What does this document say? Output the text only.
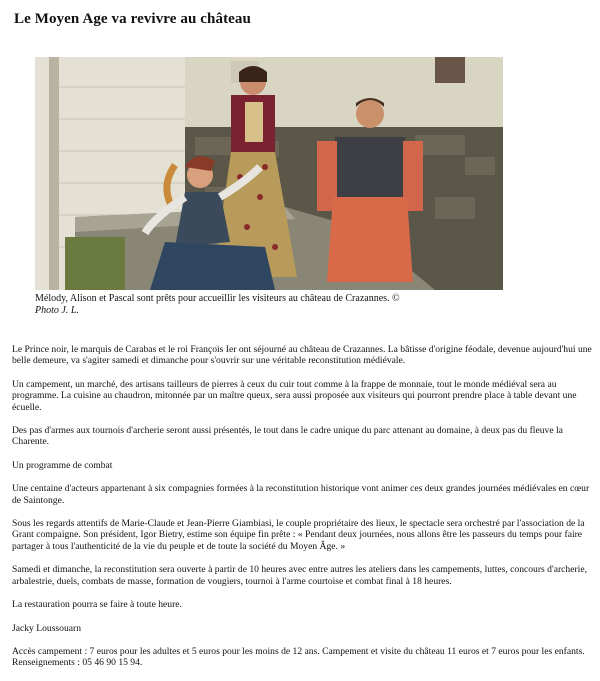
Le Moyen Age va revivre au château
Mélody, Alison et Pascal sont prêts pour accueillir les visiteurs au château de Crazannes. ©
Photo J. L.

Le Prince noir, le marquis de Carabas et le roi François Ier ont séjourné au château de Crazannes. La bâtisse d'origine féodale, devenue aujourd'hui une belle demeure, va s'agiter samedi et dimanche pour s'ouvrir sur une véritable reconstitution médiévale.

Un campement, un marché, des artisans tailleurs de pierres à ceux du cuir tout comme à la frappe de monnaie, tout le monde médiéval sera au programme. La cuisine au chaudron, mitonnée par un maître queux, sera aussi proposée aux visiteurs qui pourront prendre place à table devant une écuelle.

Des pas d'armes aux tournois d'archerie seront aussi présentés, le tout dans le cadre unique du parc attenant au domaine, à deux pas du fleuve la Charente.

Un programme de combat

Une centaine d'acteurs appartenant à six compagnies formées à la reconstitution historique vont animer ces deux grandes journées médiévales en cœur de Saintonge.

Sous les regards attentifs de Marie-Claude et Jean-Pierre Giambiasi, le couple propriétaire des lieux, le spectacle sera orchestré par l'association de la Grant compaigne. Son président, Igor Bietry, estime son équipe fin prête : « Pendant deux journées, nous allons être les passeurs du temps pour faire partager à tous l'authenticité de la vie du peuple et de toute la société du Moyen Âge. »

Samedi et dimanche, la reconstitution sera ouverte à partir de 10 heures avec entre autres les ateliers dans les campements, luttes, concours d'archerie, arbalestrie, duels, combats de masse, formation de vougiers, tournoi à l'arme courtoise et combat final à 18 heures.

La restauration pourra se faire à toute heure.

Jacky Loussouarn

Accès campement : 7 euros pour les adultes et 5 euros pour les moins de 12 ans. Campement et visite du château 11 euros et 7 euros pour les enfants. Renseignements : 05 46 90 15 94.
